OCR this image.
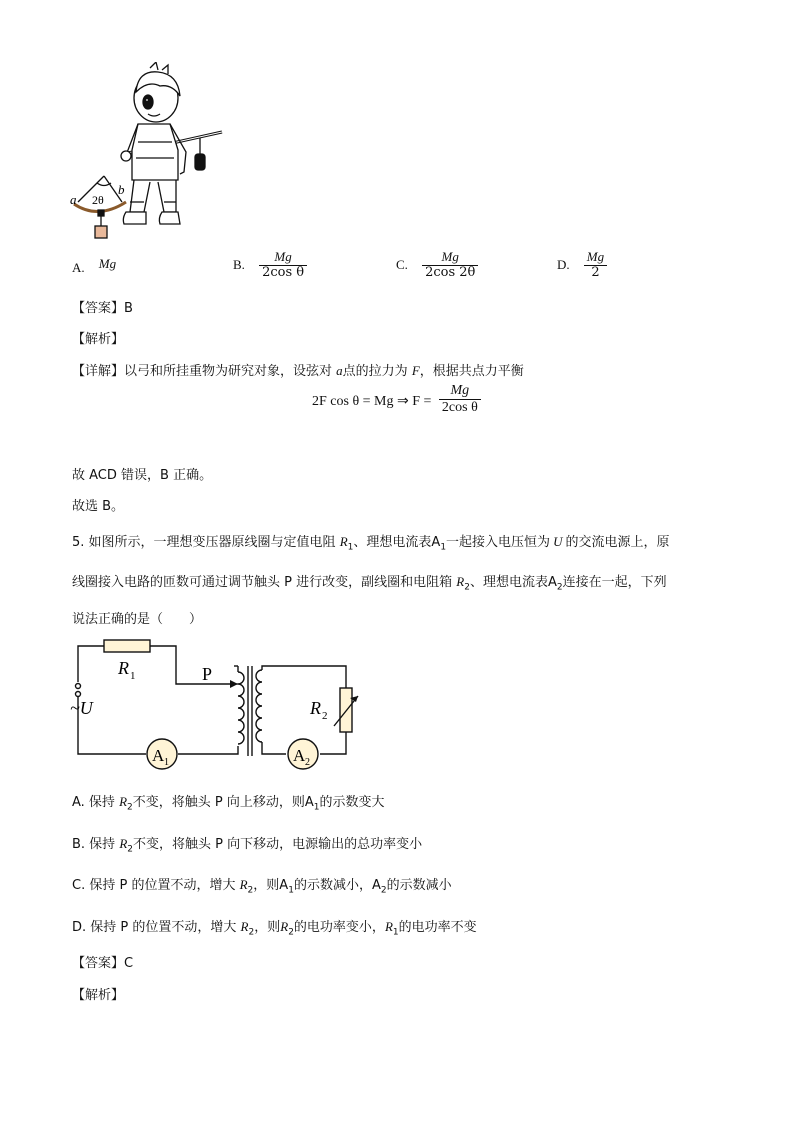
a
b
2θ
A. Mg	B. $\frac{Mg}{\text{2cos θ}}$	C. $\frac{Mg}{2\cos 2\theta}$	D. $\frac{Mg}{2}$
【答案】B
【解析】
【详解】以弓和所挂重物为研究对象，设弦对 a点的拉力为 F，根据共点力平衡
2F cos θ = Mg ⇒ $F = \frac{Mg}{\text{2cos θ}}$
故 ACD 错误，B 正确。
故选 B。
5. 如图所示，一理想变压器原线圈与定值电阻 $R_1$、理想电流表$A_1$一起接入电压恒为 U 的交流电源上，原
线圈接入电路的匝数可通过调节触头 P 进行改变，副线圈和电阻箱 $R_2$、理想电流表$A_2$连接在一起，下列
说法正确的是（　　）
R 1	P
~U	R 2
A 1	A 2
A. 保持 $R_2$不变，将触头 P 向上移动，则$A_1$的示数变大
B. 保持 $R_2$不变，将触头 P 向下移动，电源输出的总功率变小
C. 保持 P 的位置不动，增大 $R_2$，则$A_1$的示数减小，$A_2$的示数减小
D. 保持 P 的位置不动，增大 $R_2$，则$R_2$的电功率变小，$R_1$的电功率不变
【答案】C
【解析】
